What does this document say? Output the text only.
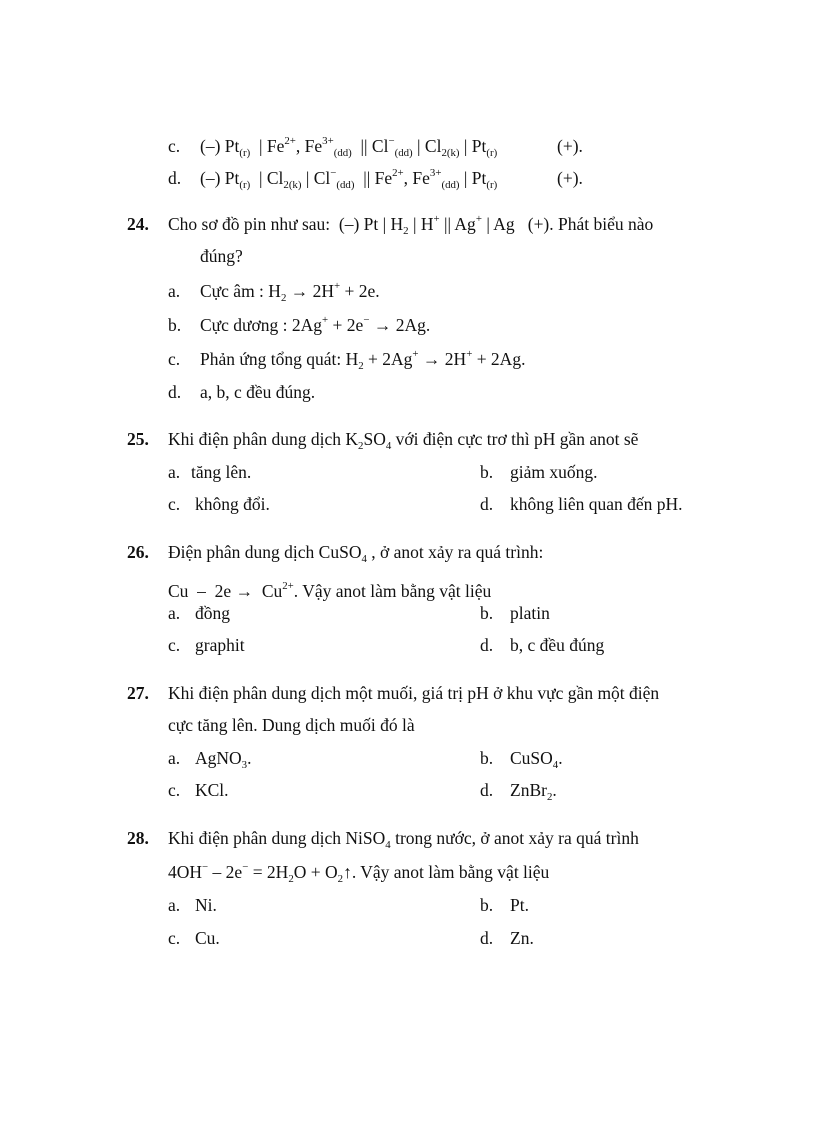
c. (–) $Pt_{(r)}$  | $Fe^{2+}$, $Fe^{3+}_{(dd)}$  || $Cl^-_{(dd)}$ | $Cl_{2(k)}$ | $Pt_{(r)}$	(+).
d. (–) $Pt_{(r)}$  | $Cl_{2(k)}$ | $Cl^-_{(dd)}$  || $Fe^{2+}$, $Fe^{3+}_{(dd)}$ | $Pt_{(r)}$	(+).
24. Cho sơ đồ pin như sau:  (–) Pt | $H_2$ | H+ || Ag+ | Ag   (+). Phát biểu nào
đúng?
a. Cực âm : $H_2 \to 2H^+ + 2e$.
b. Cực dương : 2Ag+ + 2e− → 2Ag.
c. Phản ứng tổng quát: $H_2 + 2Ag^+ \to 2H^+ + 2Ag$.
d. a, b, c đều đúng.
25. Khi điện phân dung dịch $K_2SO_4$ với điện cực trơ thì pH gần anot sẽ
a. tăng lên.	b. giảm xuống.
c. không đổi.	d. không liên quan đến pH.
26. Điện phân dung dịch CuSO$_4$ , ở anot xảy ra quá trình:
$Cu - 2e \to Cu^{2+}$. Vậy anot làm bằng vật liệu
a. đồng	b. platin
c. graphit	d. b, c đều đúng
27. Khi điện phân dung dịch một muối, giá trị pH ở khu vực gần một điện
cực tăng lên. Dung dịch muối đó là
a. AgNO$_3$.	b. CuSO$_4$.
c. KCl.	d. ZnBr$_2$.
28. Khi điện phân dung dịch NiSO$_4$ trong nước, ở anot xảy ra quá trình
$4OH^- - 2e^- = 2H_2O$ + $O_2↑$. Vậy anot làm bằng vật liệu
a. Ni.	b. Pt.
c. Cu.	d. Zn.
